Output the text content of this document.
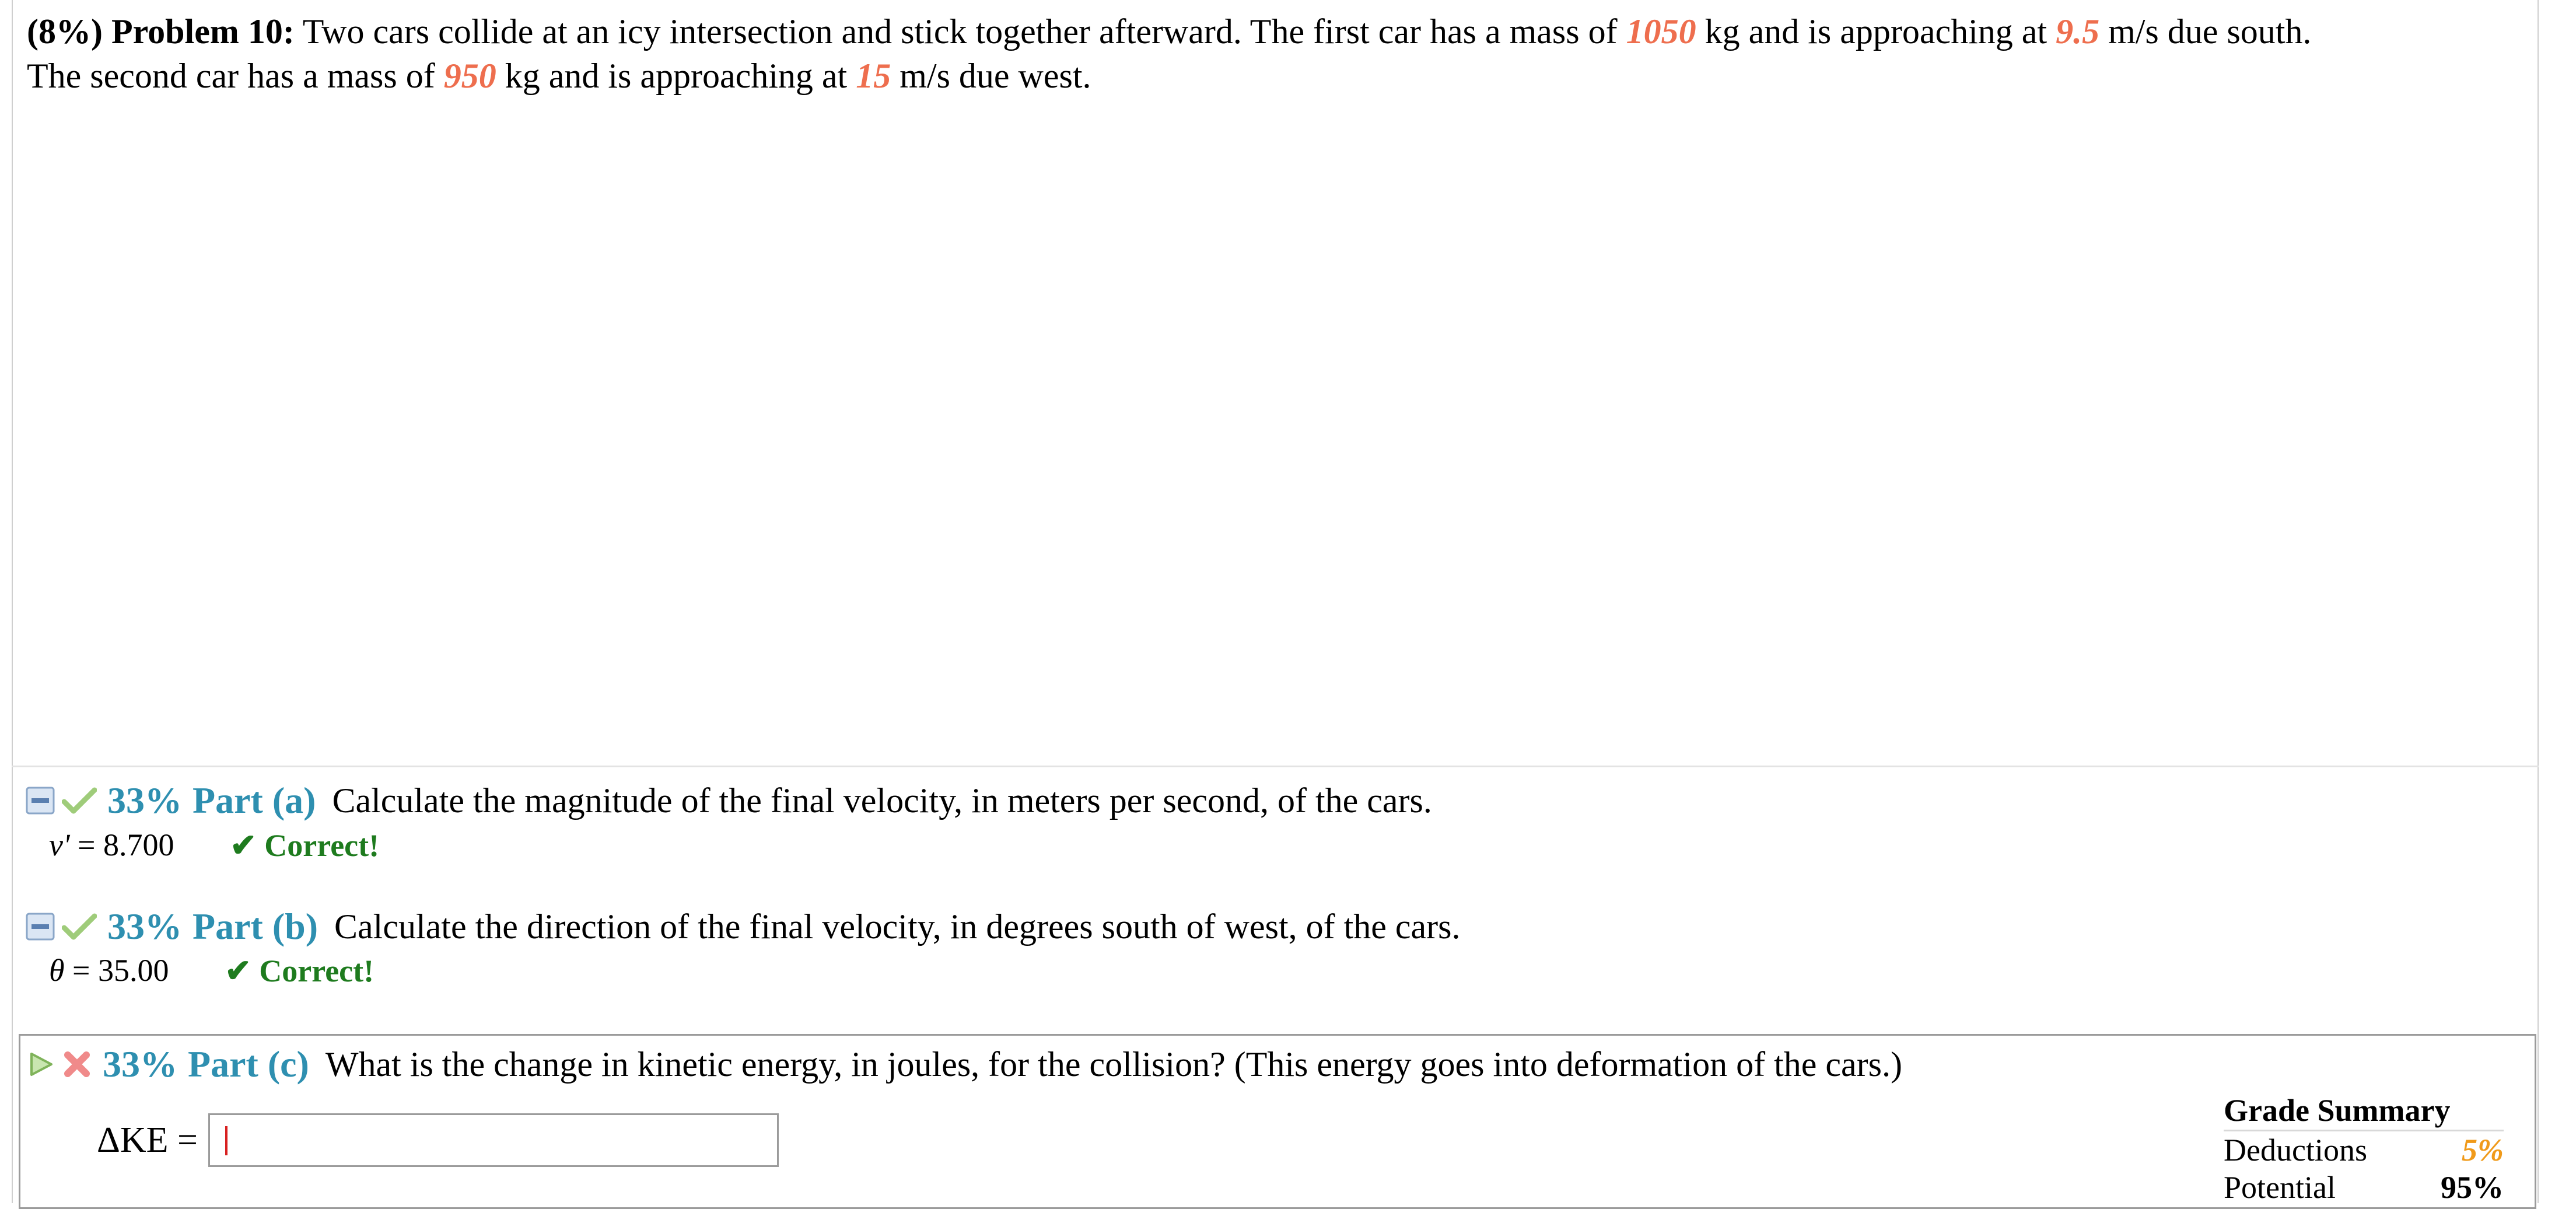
(8%) Problem 10: Two cars collide at an icy intersection and stick together afterward. The first car has a mass of 1050 kg and is approaching at 9.5 m/s due south.
The second car has a mass of 950 kg and is approaching at 15 m/s due west.
33% Part (a) Calculate the magnitude of the final velocity, in meters per second, of the cars.
v'
= 8.700 ✔ Correct!
33% Part (b) Calculate the direction of the final velocity, in degrees south of west, of the cars.
θ
= 35.00 ✔ Correct!
33% Part (c) What is the change in kinetic energy, in joules, for the collision? (This energy goes into deformation of the cars.)
ΔKE =
Grade Summary
Deductions	5%
Potential	95%
